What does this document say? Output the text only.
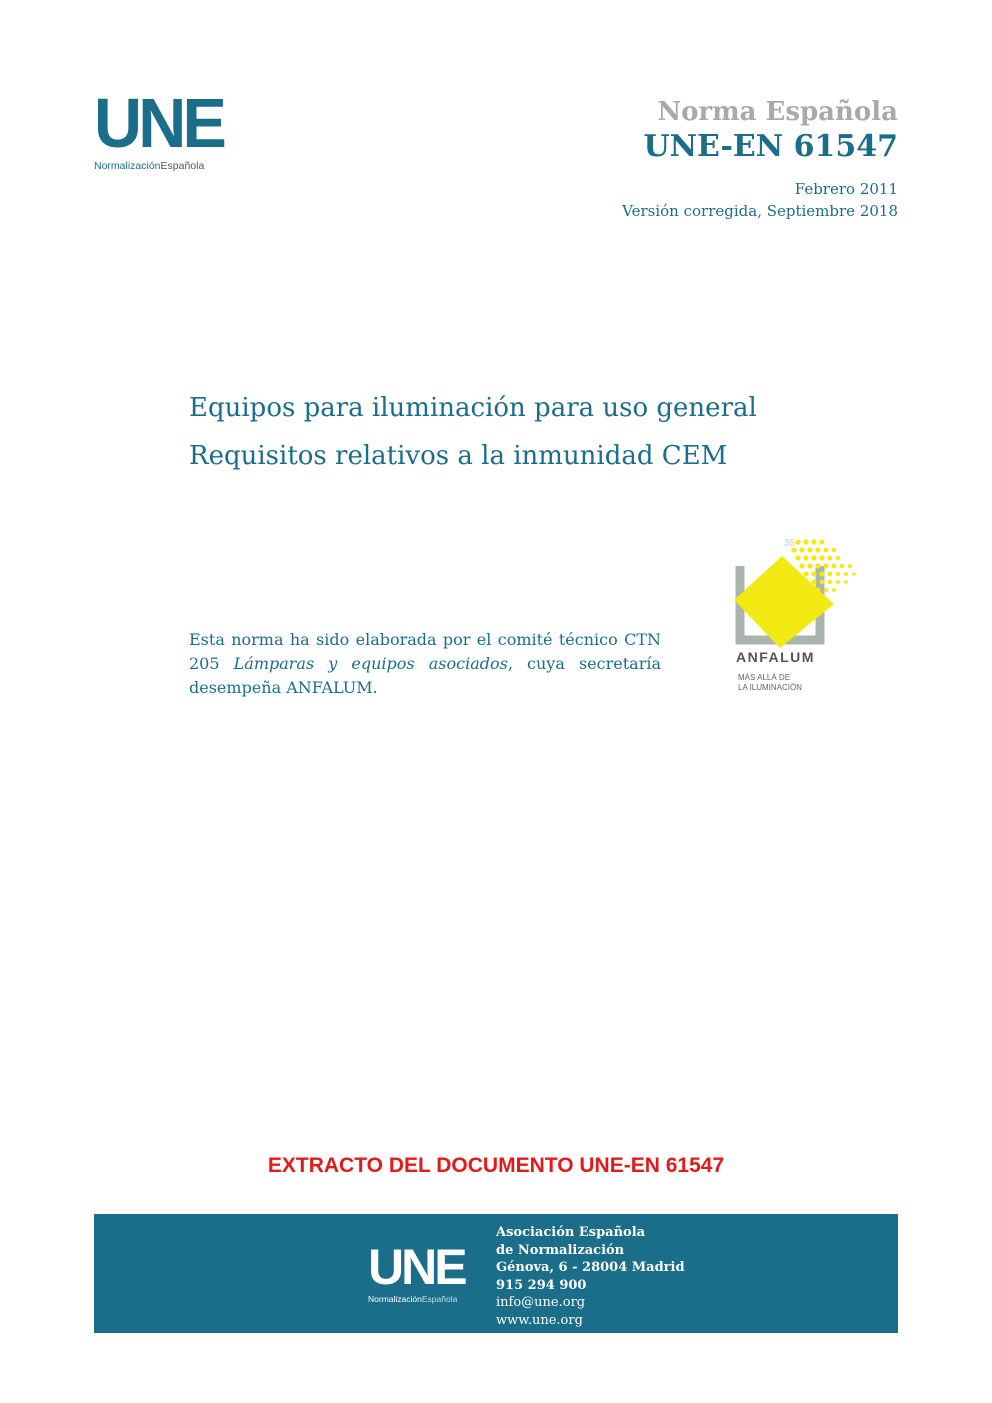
UNE
NormalizaciónEspañola
Norma Española
UNE-EN 61547
Febrero 2011
Versión corregida, Septiembre 2018
Equipos para iluminación para uso general
Requisitos relativos a la inmunidad CEM
Esta norma ha sido elaborada por el comité técnico CTN 205 Lámparas y equipos asociados, cuya secretaría desempeña ANFALUM.
35
ANFALUM
MÁS ALLÁ DE
LA ILUMINACIÓN
EXTRACTO DEL DOCUMENTO UNE-EN 61547
UNE
NormalizaciónEspañola
Asociación Española
de Normalización
Génova, 6 - 28004 Madrid
915 294 900
info@une.org
www.une.org
